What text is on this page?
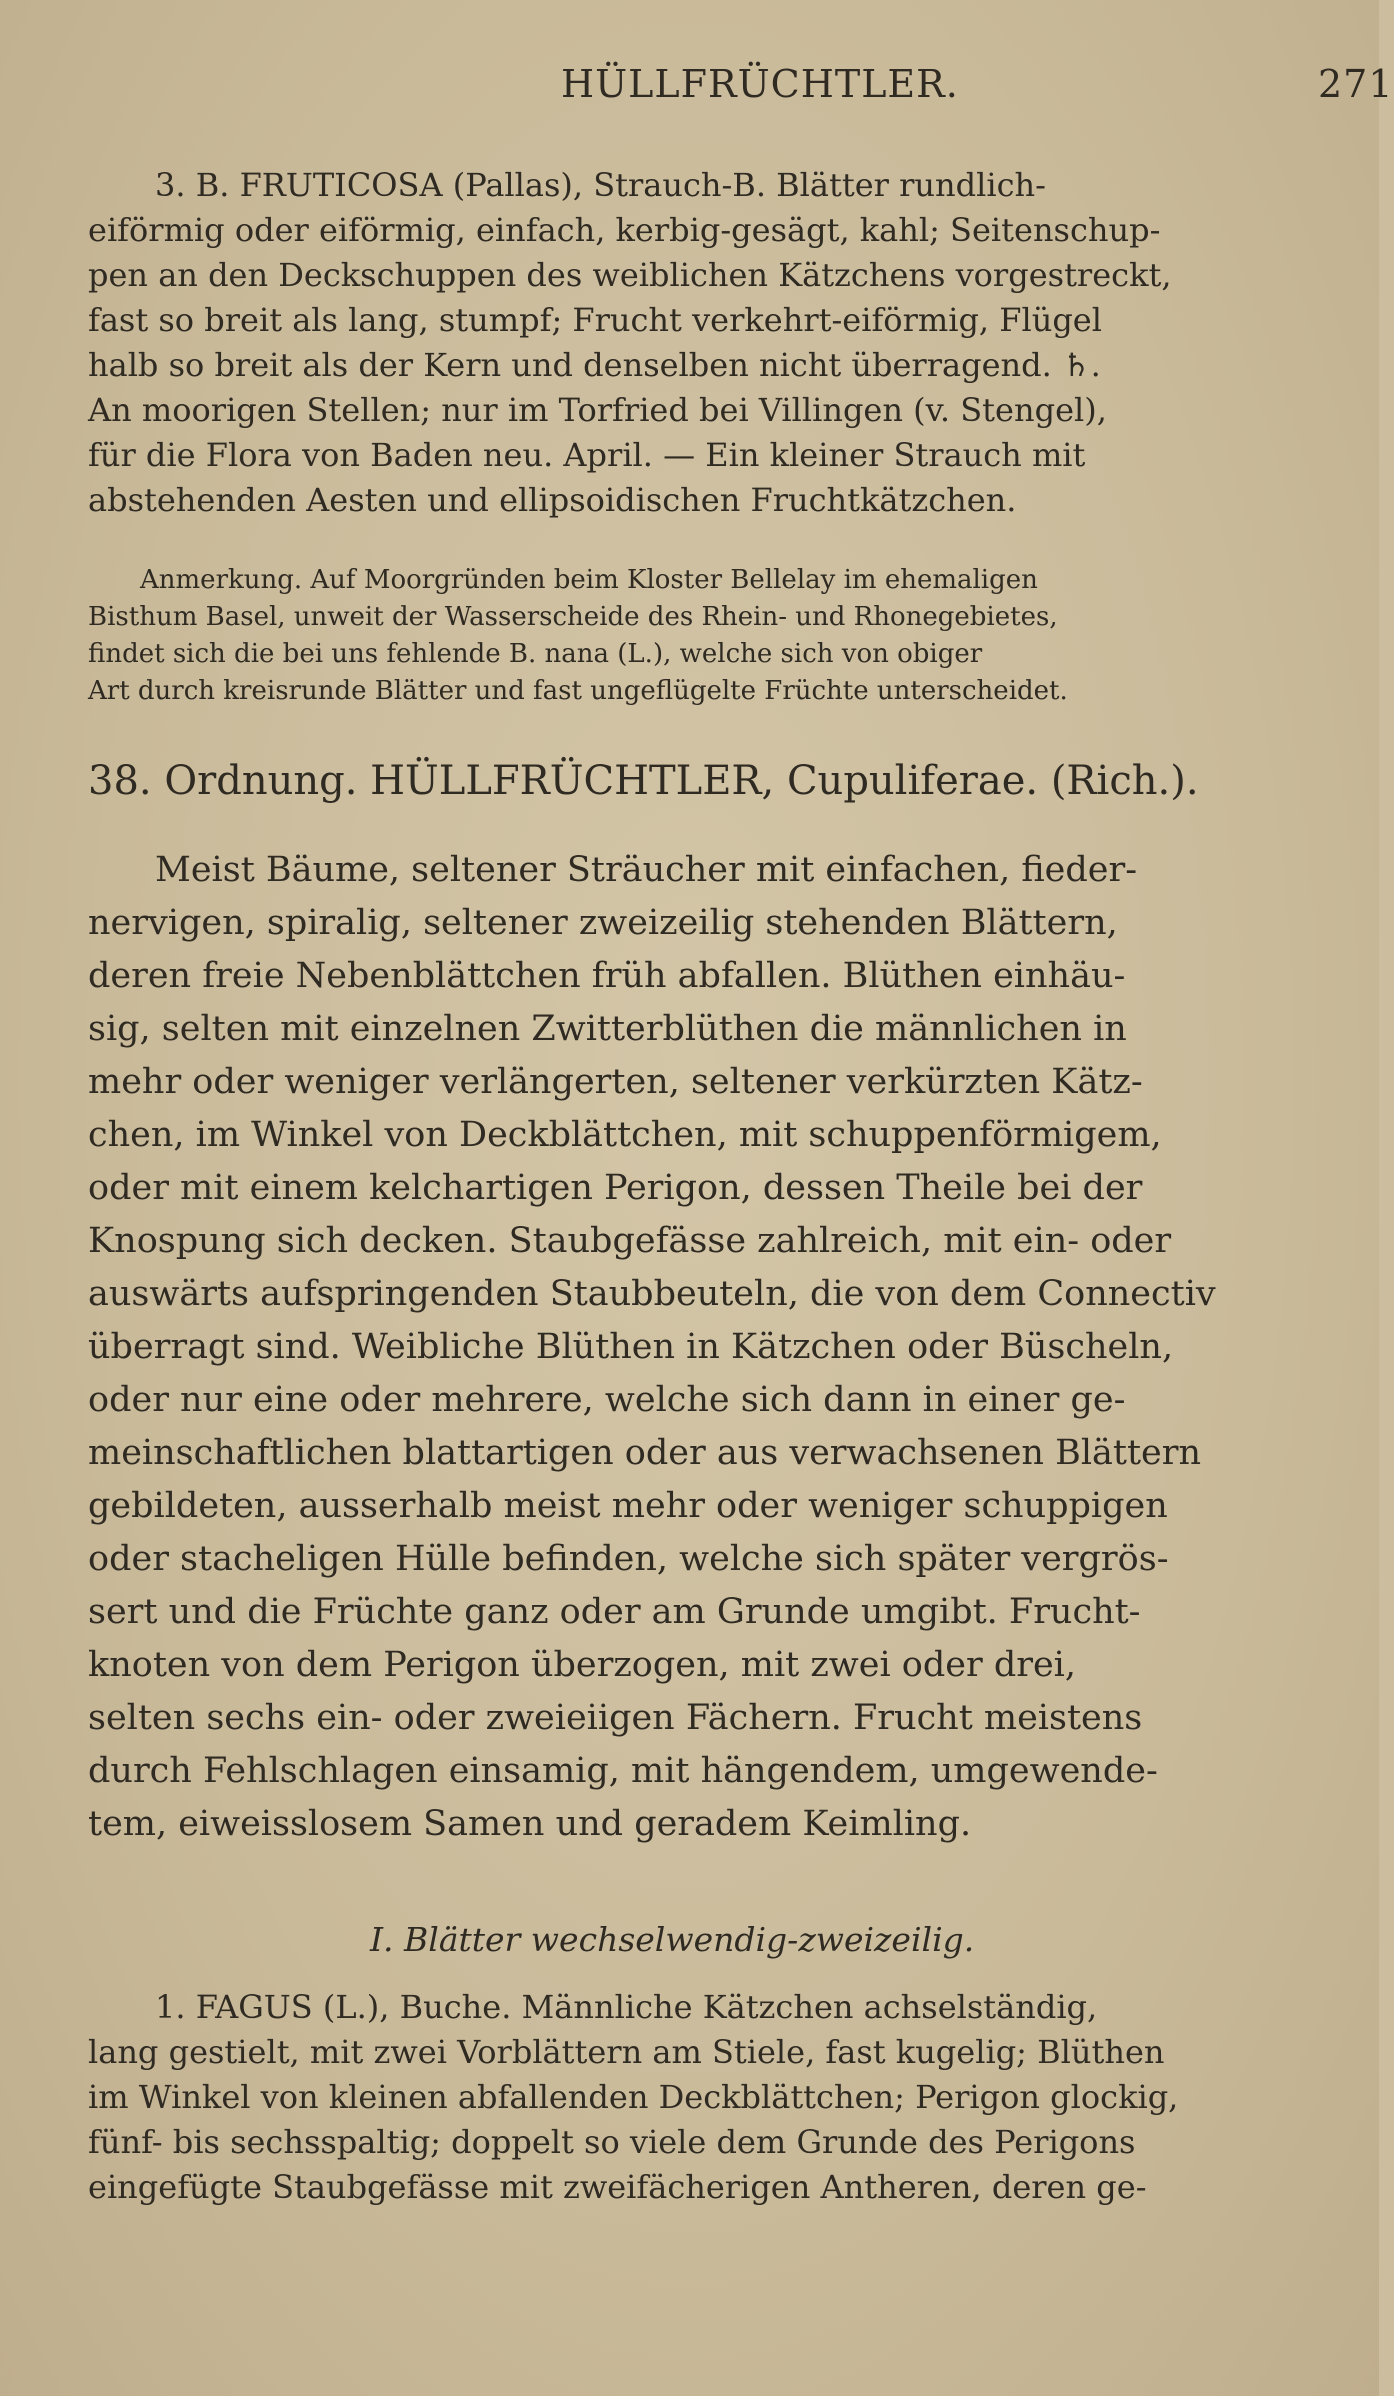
HÜLLFRÜCHTLER.	271
3. B. FRUTICOSA (Pallas), Strauch-B. Blätter rundlich-
eiförmig oder eiförmig, einfach, kerbig-gesägt, kahl; Seitenschup-
pen an den Deckschuppen des weiblichen Kätzchens vorgestreckt,
fast so breit als lang, stumpf; Frucht verkehrt-eiförmig, Flügel
halb so breit als der Kern und denselben nicht überragend. ♄.
An moorigen Stellen; nur im Torfried bei Villingen (v. Stengel),
für die Flora von Baden neu. April. — Ein kleiner Strauch mit
abstehenden Aesten und ellipsoidischen Fruchtkätzchen.
Anmerkung. Auf Moorgründen beim Kloster Bellelay im ehemaligen
Bisthum Basel, unweit der Wasserscheide des Rhein- und Rhonegebietes,
findet sich die bei uns fehlende B. nana (L.), welche sich von obiger
Art durch kreisrunde Blätter und fast ungeflügelte Früchte unterscheidet.
38. Ordnung. HÜLLFRÜCHTLER, Cupuliferae. (Rich.).
Meist Bäume, seltener Sträucher mit einfachen, fieder-
nervigen, spiralig, seltener zweizeilig stehenden Blättern,
deren freie Nebenblättchen früh abfallen. Blüthen einhäu-
sig, selten mit einzelnen Zwitterblüthen die männlichen in
mehr oder weniger verlängerten, seltener verkürzten Kätz-
chen, im Winkel von Deckblättchen, mit schuppenförmigem,
oder mit einem kelchartigen Perigon, dessen Theile bei der
Knospung sich decken. Staubgefässe zahlreich, mit ein- oder
auswärts aufspringenden Staubbeuteln, die von dem Connectiv
überragt sind. Weibliche Blüthen in Kätzchen oder Büscheln,
oder nur eine oder mehrere, welche sich dann in einer ge-
meinschaftlichen blattartigen oder aus verwachsenen Blättern
gebildeten, ausserhalb meist mehr oder weniger schuppigen
oder stacheligen Hülle befinden, welche sich später vergrös-
sert und die Früchte ganz oder am Grunde umgibt. Frucht-
knoten von dem Perigon überzogen, mit zwei oder drei,
selten sechs ein- oder zweieiigen Fächern. Frucht meistens
durch Fehlschlagen einsamig, mit hängendem, umgewende-
tem, eiweisslosem Samen und geradem Keimling.
I. Blätter wechselwendig-zweizeilig.
1. FAGUS (L.), Buche. Männliche Kätzchen achselständig,
lang gestielt, mit zwei Vorblättern am Stiele, fast kugelig; Blüthen
im Winkel von kleinen abfallenden Deckblättchen; Perigon glockig,
fünf- bis sechsspaltig; doppelt so viele dem Grunde des Perigons
eingefügte Staubgefässe mit zweifächerigen Antheren, deren ge-
